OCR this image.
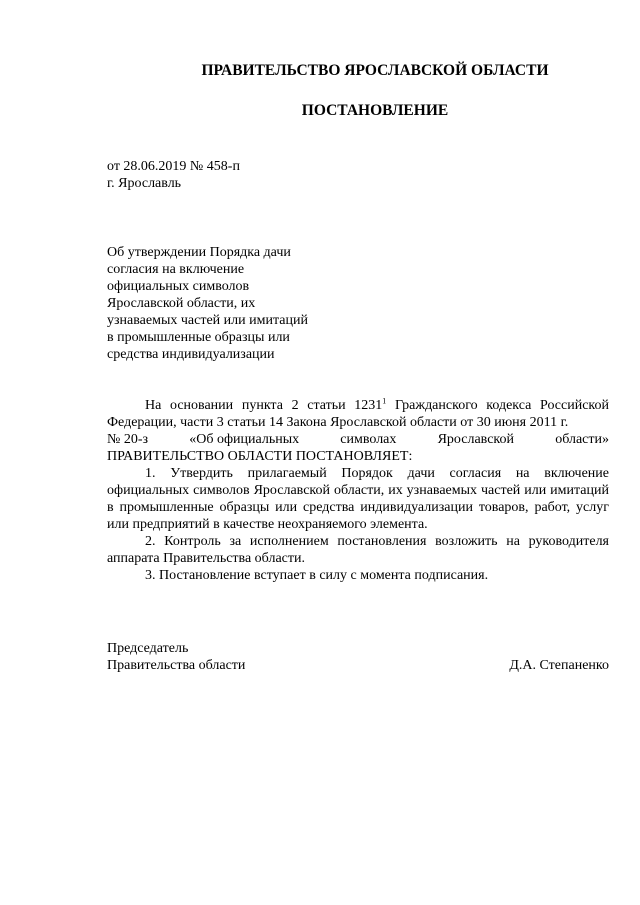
ПРАВИТЕЛЬСТВО ЯРОСЛАВСКОЙ ОБЛАСТИ
ПОСТАНОВЛЕНИЕ
от 28.06.2019 № 458-п
г. Ярославль
Об утверждении Порядка дачи
согласия на включение
официальных символов
Ярославской области, их
узнаваемых частей или имитаций
в промышленные образцы или
средства индивидуализации

На основании пункта 2 статьи 1231$^1$ Гражданского кодекса Российской Федерации, части 3 статьи 14 Закона Ярославской области от 30 июня 2011 г.

№ 20-з	«Об официальных	символах	Ярославской	области»

ПРАВИТЕЛЬСТВО ОБЛАСТИ ПОСТАНОВЛЯЕТ:

1. Утвердить прилагаемый Порядок дачи согласия на включение официальных символов Ярославской области, их узнаваемых частей или имитаций в промышленные образцы или средства индивидуализации товаров, работ, услуг или предприятий в качестве неохраняемого элемента.

2. Контроль за исполнением постановления возложить на руководителя аппарата Правительства области.

3. Постановление вступает в силу с момента подписания.

Председатель
Правительства области	Д.А. Степаненко
